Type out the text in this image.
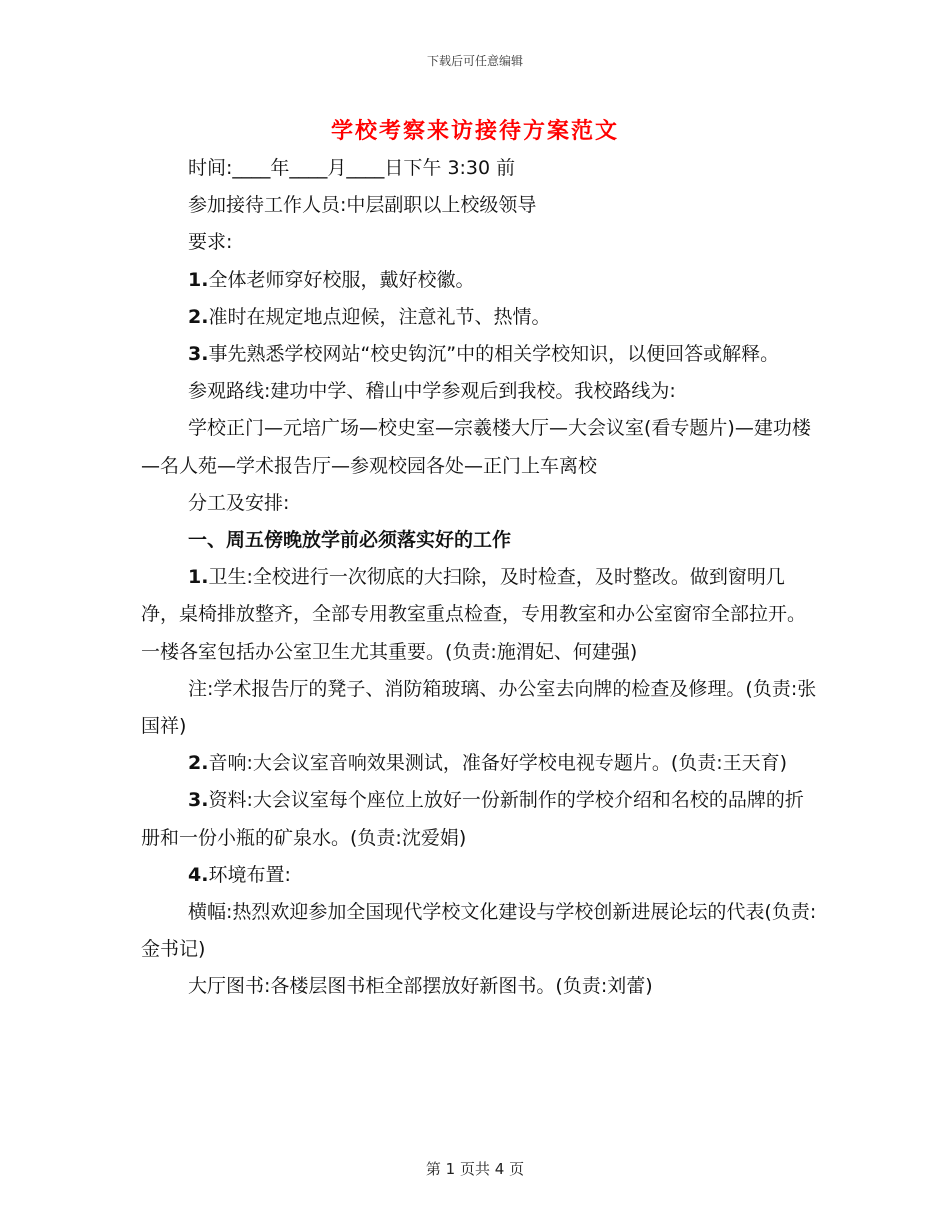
下载后可任意编辑
学校考察来访接待方案范文

时间:____年____月____日下午 3:30 前

参加接待工作人员:中层副职以上校级领导

要求:

1.全体老师穿好校服，戴好校徽。

2.准时在规定地点迎候，注意礼节、热情。

3.事先熟悉学校网站“校史钩沉”中的相关学校知识，以便回答或解释。

参观路线:建功中学、稽山中学参观后到我校。我校路线为:

学校正门—元培广场—校史室—宗羲楼大厅—大会议室(看专题片)—建功楼—名人苑—学术报告厅—参观校园各处—正门上车离校

分工及安排:

一、周五傍晚放学前必须落实好的工作

1.卫生:全校进行一次彻底的大扫除，及时检查，及时整改。做到窗明几净，桌椅排放整齐，全部专用教室重点检查，专用教室和办公室窗帘全部拉开。一楼各室包括办公室卫生尤其重要。(负责:施渭妃、何建强)

注:学术报告厅的凳子、消防箱玻璃、办公室去向牌的检查及修理。(负责:张国祥)

2.音响:大会议室音响效果测试，准备好学校电视专题片。(负责:王天育)

3.资料:大会议室每个座位上放好一份新制作的学校介绍和名校的品牌的折册和一份小瓶的矿泉水。(负责:沈爱娟)

4.环境布置:

横幅:热烈欢迎参加全国现代学校文化建设与学校创新进展论坛的代表(负责:金书记)

大厅图书:各楼层图书柜全部摆放好新图书。(负责:刘蕾)

第 1 页共 4 页
